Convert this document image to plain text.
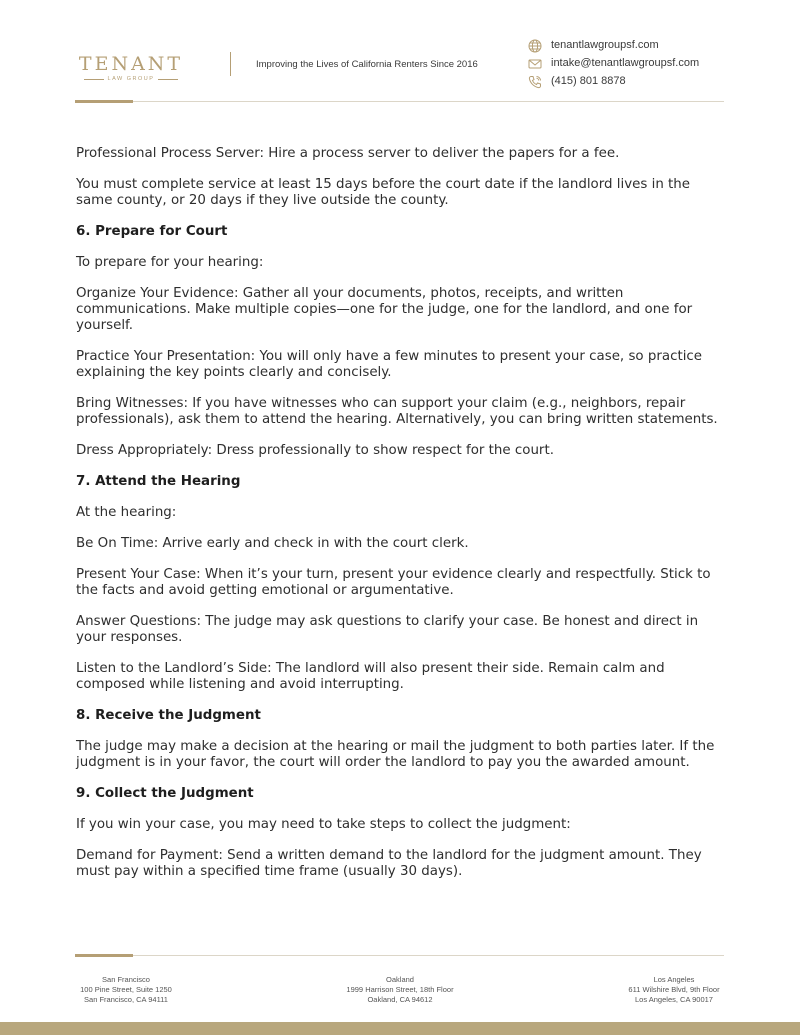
TENANT
LAW GROUP
Improving the Lives of California Renters Since 2016
tenantlawgroupsf.com
intake@tenantlawgroupsf.com
(415) 801 8878

Professional Process Server: Hire a process server to deliver the papers for a fee.

You must complete service at least 15 days before the court date if the landlord lives in the same county, or 20 days if they live outside the county.

6. Prepare for Court

To prepare for your hearing:

Organize Your Evidence: Gather all your documents, photos, receipts, and written communications. Make multiple copies—one for the judge, one for the landlord, and one for yourself.

Practice Your Presentation: You will only have a few minutes to present your case, so practice explaining the key points clearly and concisely.

Bring Witnesses: If you have witnesses who can support your claim (e.g., neighbors, repair professionals), ask them to attend the hearing. Alternatively, you can bring written statements.

Dress Appropriately: Dress professionally to show respect for the court.

7. Attend the Hearing

At the hearing:

Be On Time: Arrive early and check in with the court clerk.

Present Your Case: When it’s your turn, present your evidence clearly and respectfully. Stick to the facts and avoid getting emotional or argumentative.

Answer Questions: The judge may ask questions to clarify your case. Be honest and direct in your responses.

Listen to the Landlord’s Side: The landlord will also present their side. Remain calm and composed while listening and avoid interrupting.

8. Receive the Judgment

The judge may make a decision at the hearing or mail the judgment to both parties later. If the judgment is in your favor, the court will order the landlord to pay you the awarded amount.

9. Collect the Judgment

If you win your case, you may need to take steps to collect the judgment:

Demand for Payment: Send a written demand to the landlord for the judgment amount. They must pay within a specified time frame (usually 30 days).

San Francisco
100 Pine Street, Suite 1250
San Francisco, CA 94111
Oakland
1999 Harrison Street, 18th Floor
Oakland, CA 94612
Los Angeles
611 Wilshire Blvd, 9th Floor
Los Angeles, CA 90017
